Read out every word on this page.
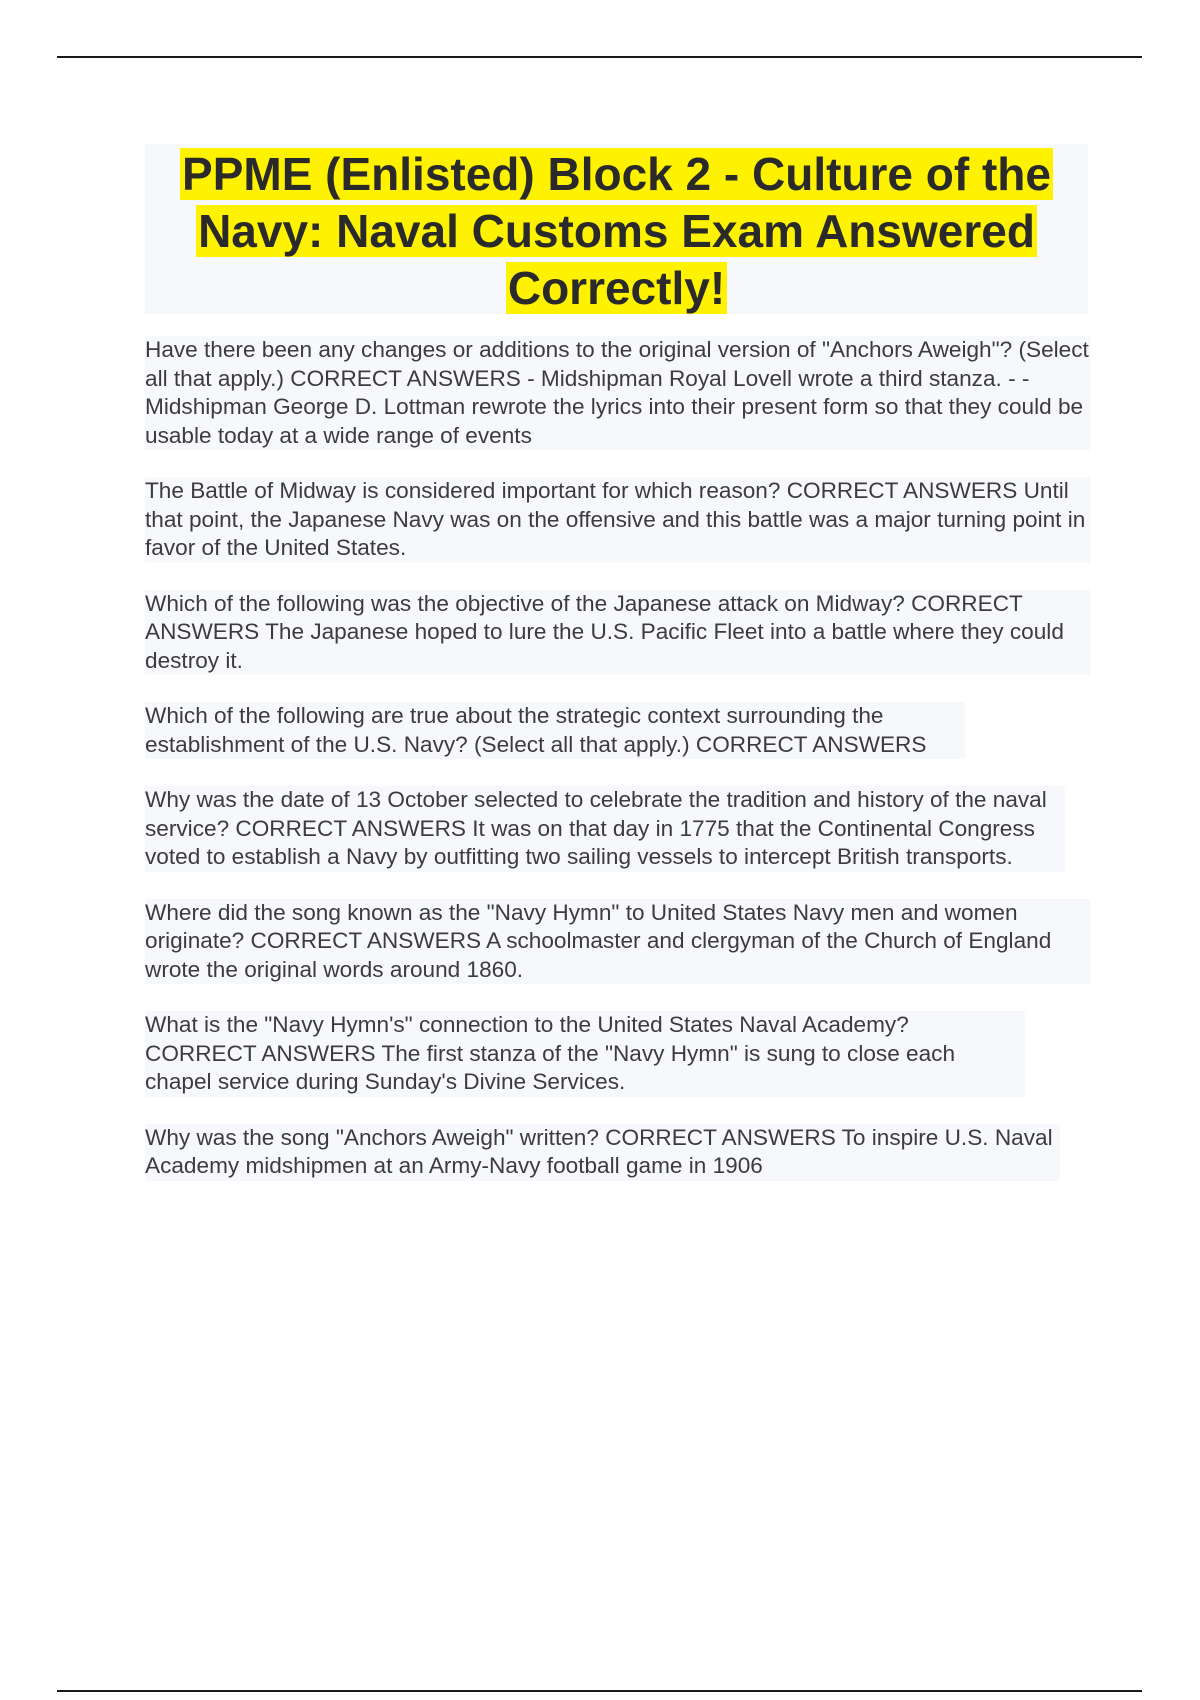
PPME (Enlisted) Block 2 - Culture of the Navy: Naval Customs Exam Answered Correctly!

Have there been any changes or additions to the original version of "Anchors Aweigh"? (Select all that apply.) CORRECT ANSWERS - Midshipman Royal Lovell wrote a third stanza. - - Midshipman George D. Lottman rewrote the lyrics into their present form so that they could be usable today at a wide range of events

The Battle of Midway is considered important for which reason? CORRECT ANSWERS Until that point, the Japanese Navy was on the offensive and this battle was a major turning point in favor of the United States.

Which of the following was the objective of the Japanese attack on Midway? CORRECT ANSWERS The Japanese hoped to lure the U.S. Pacific Fleet into a battle where they could destroy it.

Which of the following are true about the strategic context surrounding the establishment of the U.S. Navy? (Select all that apply.) CORRECT ANSWERS

Why was the date of 13 October selected to celebrate the tradition and history of the naval service? CORRECT ANSWERS It was on that day in 1775 that the Continental Congress voted to establish a Navy by outfitting two sailing vessels to intercept British transports.

Where did the song known as the "Navy Hymn" to United States Navy men and women originate? CORRECT ANSWERS A schoolmaster and clergyman of the Church of England wrote the original words around 1860.

What is the "Navy Hymn's" connection to the United States Naval Academy? CORRECT ANSWERS The first stanza of the "Navy Hymn" is sung to close each chapel service during Sunday's Divine Services.

Why was the song "Anchors Aweigh" written? CORRECT ANSWERS To inspire U.S. Naval Academy midshipmen at an Army-Navy football game in 1906
